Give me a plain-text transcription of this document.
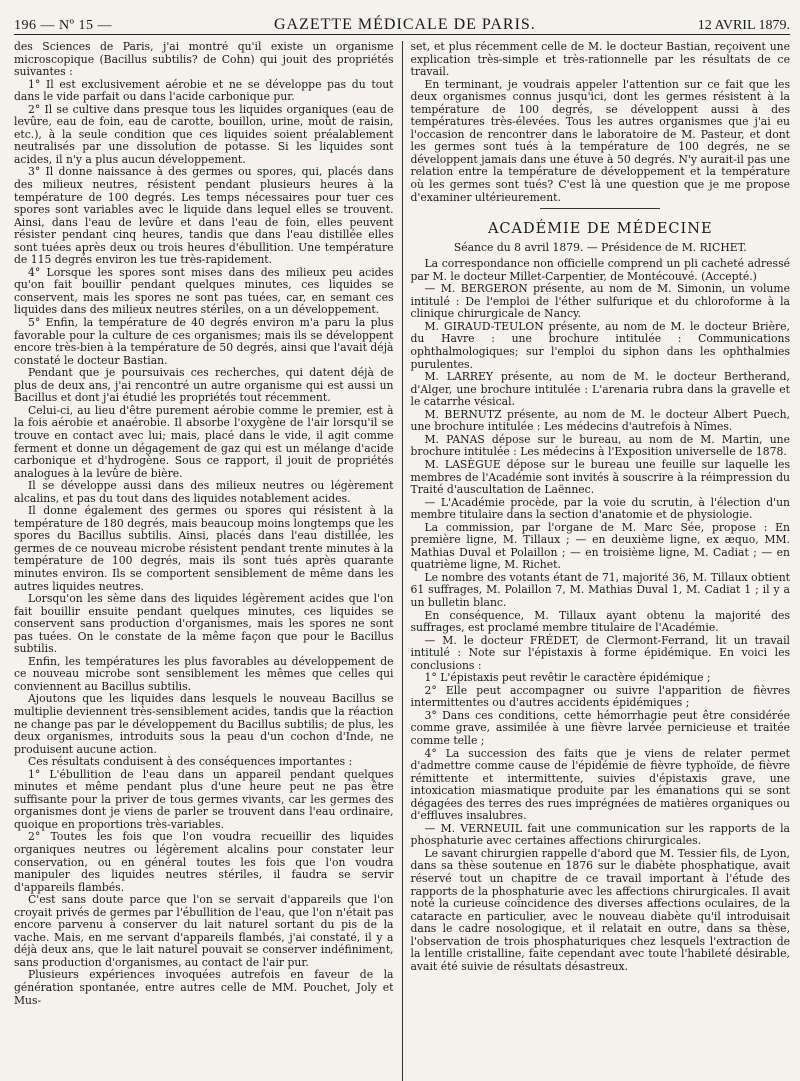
196 — Nº 15 —	GAZETTE MÉDICALE DE PARIS.	12 AVRIL 1879.

des Sciences de Paris, j'ai montré qu'il existe un organisme microscopique (Bacillus subtilis? de Cohn) qui jouit des propriétés suivantes :

1° Il est exclusivement aérobie et ne se développe pas du tout dans le vide parfait ou dans l'acide carbonique pur.

2° Il se cultive dans presque tous les liquides organiques (eau de levûre, eau de foin, eau de carotte, bouillon, urine, moût de raisin, etc.), à la seule condition que ces liquides soient préalablement neutralisés par une dissolution de potasse. Si les liquides sont acides, il n'y a plus aucun développement.

3° Il donne naissance à des germes ou spores, qui, placés dans des milieux neutres, résistent pendant plusieurs heures à la température de 100 degrés. Les temps nécessaires pour tuer ces spores sont variables avec le liquide dans lequel elles se trouvent. Ainsi, dans l'eau de levûre et dans l'eau de foin, elles peuvent résister pendant cinq heures, tandis que dans l'eau distillée elles sont tuées après deux ou trois heures d'ébullition. Une température de 115 degrés environ les tue très-rapidement.

4° Lorsque les spores sont mises dans des milieux peu acides qu'on fait bouillir pendant quelques minutes, ces liquides se conservent, mais les spores ne sont pas tuées, car, en semant ces liquides dans des milieux neutres stériles, on a un développement.

5° Enfin, la température de 40 degrés environ m'a paru la plus favorable pour la culture de ces organismes; mais ils se développent encore très-bien à la température de 50 degrés, ainsi que l'avait déjà constaté le docteur Bastian.

Pendant que je poursuivais ces recherches, qui datent déjà de plus de deux ans, j'ai rencontré un autre organisme qui est aussi un Bacillus et dont j'ai étudié les propriétés tout récemment.

Celui-ci, au lieu d'être purement aérobie comme le premier, est à la fois aérobie et anaérobie. Il absorbe l'oxygène de l'air lorsqu'il se trouve en contact avec lui; mais, placé dans le vide, il agit comme ferment et donne un dégagement de gaz qui est un mélange d'acide carbonique et d'hydrogène. Sous ce rapport, il jouit de propriétés analogues à la levûre de bière.

Il se développe aussi dans des milieux neutres ou légèrement alcalins, et pas du tout dans des liquides notablement acides.

Il donne également des germes ou spores qui résistent à la température de 180 degrés, mais beaucoup moins longtemps que les spores du Bacillus subtilis. Ainsi, placés dans l'eau distillée, les germes de ce nouveau microbe résistent pendant trente minutes à la température de 100 degrés, mais ils sont tués après quarante minutes environ. Ils se comportent sensiblement de même dans les autres liquides neutres.

Lorsqu'on les sème dans des liquides légèrement acides que l'on fait bouillir ensuite pendant quelques minutes, ces liquides se conservent sans production d'organismes, mais les spores ne sont pas tuées. On le constate de la même façon que pour le Bacillus subtilis.

Enfin, les températures les plus favorables au développement de ce nouveau microbe sont sensiblement les mêmes que celles qui conviennent au Bacillus subtilis.

Ajoutons que les liquides dans lesquels le nouveau Bacillus se multiplie deviennent très-sensiblement acides, tandis que la réaction ne change pas par le développement du Bacillus subtilis; de plus, les deux organismes, introduits sous la peau d'un cochon d'Inde, ne produisent aucune action.

Ces résultats conduisent à des conséquences importantes :

1° L'ébullition de l'eau dans un appareil pendant quelques minutes et même pendant plus d'une heure peut ne pas être suffisante pour la priver de tous germes vivants, car les germes des organismes dont je viens de parler se trouvent dans l'eau ordinaire, quoique en proportions très-variables.

2° Toutes les fois que l'on voudra recueillir des liquides organiques neutres ou légèrement alcalins pour constater leur conservation, ou en général toutes les fois que l'on voudra manipuler des liquides neutres stériles, il faudra se servir d'appareils flambés.

C'est sans doute parce que l'on se servait d'appareils que l'on croyait privés de germes par l'ébullition de l'eau, que l'on n'était pas encore parvenu à conserver du lait naturel sortant du pis de la vache. Mais, en me servant d'appareils flambés, j'ai constaté, il y a déjà deux ans, que le lait naturel pouvait se conserver indéfiniment, sans production d'organismes, au contact de l'air pur.

Plusieurs expériences invoquées autrefois en faveur de la génération spontanée, entre autres celle de MM. Pouchet, Joly et Mus-

set, et plus récemment celle de M. le docteur Bastian, reçoivent une explication très-simple et très-rationnelle par les résultats de ce travail.

En terminant, je voudrais appeler l'attention sur ce fait que les deux organismes connus jusqu'ici, dont les germes résistent à la température de 100 degrés, se développent aussi à des températures très-élevées. Tous les autres organismes que j'ai eu l'occasion de rencontrer dans le laboratoire de M. Pasteur, et dont les germes sont tués à la température de 100 degrés, ne se développent jamais dans une étuve à 50 degrés. N'y aurait-il pas une relation entre la température de développement et la température où les germes sont tués? C'est là une question que je me propose d'examiner ultérieurement.

ACADÉMIE DE MÉDECINE
Séance du 8 avril 1879. — Présidence de M. RICHET.

La correspondance non officielle comprend un pli cacheté adressé par M. le docteur Millet-Carpentier, de Montécouvé. (Accepté.)

— M. BERGERON présente, au nom de M. Simonin, un volume intitulé : De l'emploi de l'éther sulfurique et du chloroforme à la clinique chirurgicale de Nancy.

M. GIRAUD-TEULON présente, au nom de M. le docteur Brière, du Havre : une brochure intitulée : Communications ophthalmologiques; sur l'emploi du siphon dans les ophthalmies purulentes.

M. LARREY présente, au nom de M. le docteur Bertherand, d'Alger, une brochure intitulée : L'arenaria rubra dans la gravelle et le catarrhe vésical.

M. BERNUTZ présente, au nom de M. le docteur Albert Puech, une brochure intitulée : Les médecins d'autrefois à Nîmes.

M. PANAS dépose sur le bureau, au nom de M. Martin, une brochure intitulée : Les médecins à l'Exposition universelle de 1878.

M. LASÈGUE dépose sur le bureau une feuille sur laquelle les membres de l'Académie sont invités à souscrire à la réimpression du Traité d'auscultation de Laënnec.

— L'Académie procède, par la voie du scrutin, à l'élection d'un membre titulaire dans la section d'anatomie et de physiologie.

La commission, par l'organe de M. Marc Sée, propose : En première ligne, M. Tillaux ; — en deuxième ligne, ex æquo, MM. Mathias Duval et Polaillon ; — en troisième ligne, M. Cadiat ; — en quatrième ligne, M. Richet.

Le nombre des votants étant de 71, majorité 36, M. Tillaux obtient 61 suffrages, M. Polaillon 7, M. Mathias Duval 1, M. Cadiat 1 ; il y a un bulletin blanc.

En conséquence, M. Tillaux ayant obtenu la majorité des suffrages, est proclamé membre titulaire de l'Académie.

— M. le docteur FRÉDET, de Clermont-Ferrand, lit un travail intitulé : Note sur l'épistaxis à forme épidémique. En voici les conclusions :

1° L'épistaxis peut revêtir le caractère épidémique ;

2° Elle peut accompagner ou suivre l'apparition de fièvres intermittentes ou d'autres accidents épidémiques ;

3° Dans ces conditions, cette hémorrhagie peut être considérée comme grave, assimilée à une fièvre larvée pernicieuse et traitée comme telle ;

4° La succession des faits que je viens de relater permet d'admettre comme cause de l'épidémie de fièvre typhoïde, de fièvre rémittente et intermittente, suivies d'épistaxis grave, une intoxication miasmatique produite par les émanations qui se sont dégagées des terres des rues imprégnées de matières organiques ou d'effluves insalubres.

— M. VERNEUIL fait une communication sur les rapports de la phosphaturie avec certaines affections chirurgicales.

Le savant chirurgien rappelle d'abord que M. Tessier fils, de Lyon, dans sa thèse soutenue en 1876 sur le diabète phosphatique, avait réservé tout un chapitre de ce travail important à l'étude des rapports de la phosphaturie avec les affections chirurgicales. Il avait noté la curieuse coïncidence des diverses affections oculaires, de la cataracte en particulier, avec le nouveau diabète qu'il introduisait dans le cadre nosologique, et il relatait en outre, dans sa thèse, l'observation de trois phosphaturiques chez lesquels l'extraction de la lentille cristalline, faite cependant avec toute l'habileté désirable, avait été suivie de résultats désastreux.
